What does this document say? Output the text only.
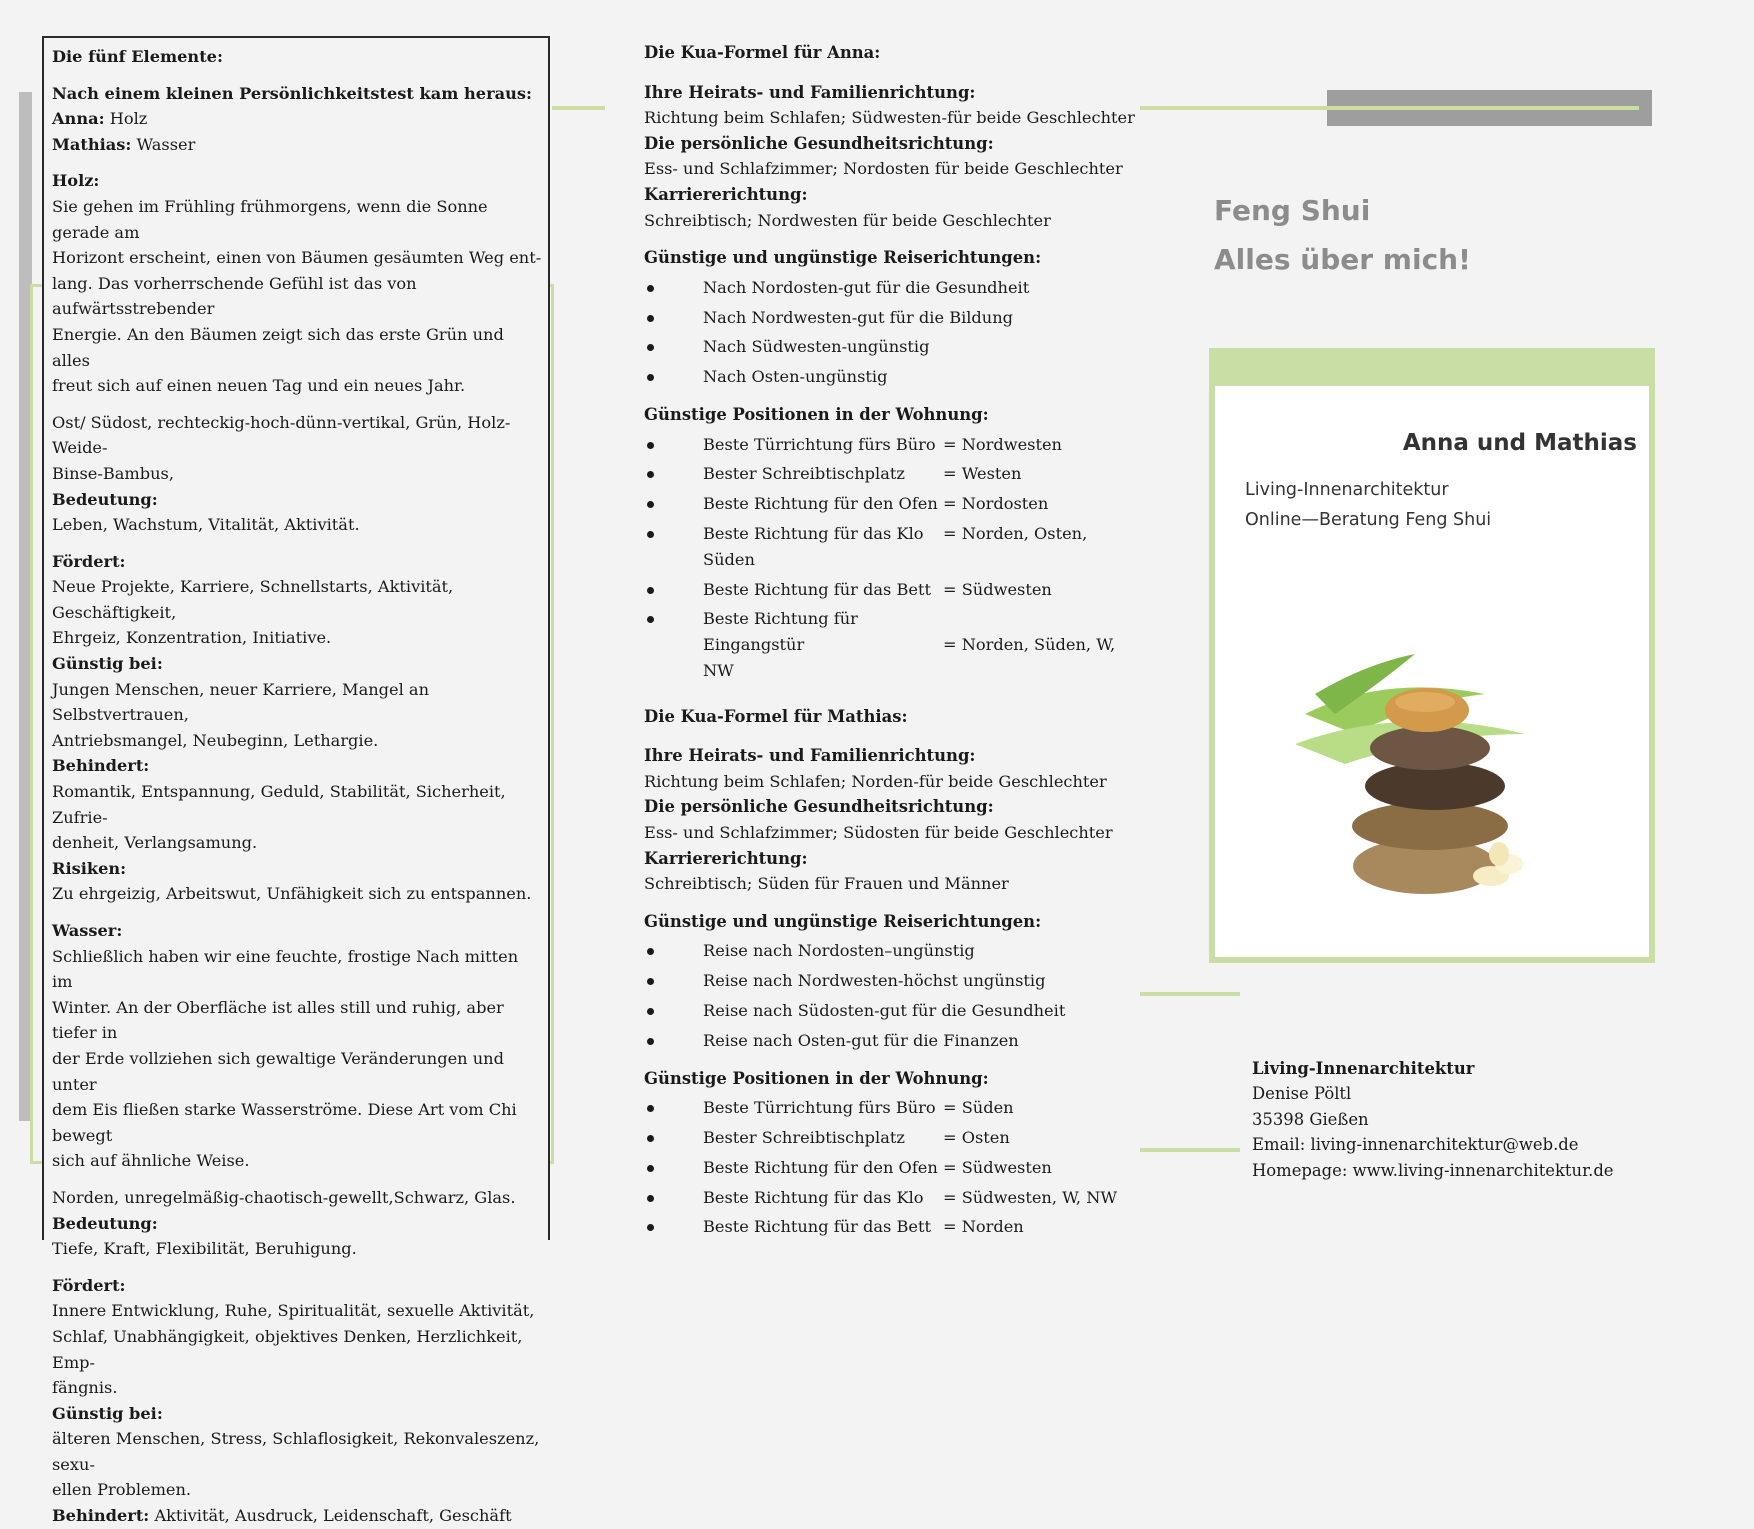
Die fünf Elemente:

Nach einem kleinen Persönlichkeitstest kam heraus:

Anna: Holz

Mathias: Wasser

Holz:

Sie gehen im Frühling frühmorgens, wenn die Sonne gerade am

Horizont erscheint, einen von Bäumen gesäumten Weg ent-

lang. Das vorherrschende Gefühl ist das von aufwärtsstrebender

Energie. An den Bäumen zeigt sich das erste Grün und alles

freut sich auf einen neuen Tag und ein neues Jahr.

Ost/ Südost, rechteckig-hoch-dünn-vertikal, Grün, Holz-Weide-

Binse-Bambus,

Bedeutung:

Leben, Wachstum, Vitalität, Aktivität.

Fördert:

Neue Projekte, Karriere, Schnellstarts, Aktivität, Geschäftigkeit,

Ehrgeiz, Konzentration, Initiative.

Günstig bei:

Jungen Menschen, neuer Karriere, Mangel an Selbstvertrauen,

Antriebsmangel, Neubeginn, Lethargie.

Behindert:

Romantik, Entspannung, Geduld, Stabilität, Sicherheit, Zufrie-

denheit, Verlangsamung.

Risiken:

Zu ehrgeizig, Arbeitswut, Unfähigkeit sich zu entspannen.

Wasser:

Schließlich haben wir eine feuchte, frostige Nach mitten im

Winter. An der Oberfläche ist alles still und ruhig, aber tiefer in

der Erde vollziehen sich gewaltige Veränderungen und unter

dem Eis fließen starke Wasserströme. Diese Art vom Chi bewegt

sich auf ähnliche Weise.

Norden, unregelmäßig-chaotisch-gewellt,Schwarz, Glas.

Bedeutung:

Tiefe, Kraft, Flexibilität, Beruhigung.

Fördert:

Innere Entwicklung, Ruhe, Spiritualität, sexuelle Aktivität,

Schlaf, Unabhängigkeit, objektives Denken, Herzlichkeit, Emp-

fängnis.

Günstig bei:

älteren Menschen, Stress, Schlaflosigkeit, Rekonvaleszenz, sexu-

ellen Problemen.

Behindert: Aktivität, Ausdruck, Leidenschaft, Geschäft

Die Kua-Formel für Anna:
Ihre Heirats- und Familienrichtung:

Richtung beim Schlafen; Südwesten-für beide Geschlechter

Die persönliche Gesundheitsrichtung:

Ess- und Schlafzimmer; Nordosten für beide Geschlechter

Karriererichtung:

Schreibtisch; Nordwesten für beide Geschlechter

Günstige und ungünstige Reiserichtungen:
Nach Nordosten-gut für die Gesundheit
Nach Nordwesten-gut für die Bildung
Nach Südwesten-ungünstig
Nach Osten-ungünstig
Günstige Positionen in der Wohnung:
Beste Türrichtung fürs Büro = Nordwesten
Bester Schreibtischplatz = Westen
Beste Richtung für den Ofen = Nordosten
Beste Richtung für das Klo = Norden, Osten, Süden
Beste Richtung für das Bett = Südwesten
Beste Richtung für Eingangstür	= Norden, Süden, W,
NW
Die Kua-Formel für Mathias:
Ihre Heirats- und Familienrichtung:

Richtung beim Schlafen; Norden-für beide Geschlechter

Die persönliche Gesundheitsrichtung:

Ess- und Schlafzimmer; Südosten für beide Geschlechter

Karriererichtung:

Schreibtisch; Süden für Frauen und Männer

Günstige und ungünstige Reiserichtungen:
Reise nach Nordosten–ungünstig
Reise nach Nordwesten-höchst ungünstig
Reise nach Südosten-gut für die Gesundheit
Reise nach Osten-gut für die Finanzen
Günstige Positionen in der Wohnung:
Beste Türrichtung fürs Büro = Süden
Bester Schreibtischplatz = Osten
Beste Richtung für den Ofen = Südwesten
Beste Richtung für das Klo = Südwesten, W, NW
Beste Richtung für das Bett = Norden
Feng Shui
Alles über mich!
Anna und Mathias
Living-Innenarchitektur
Online—Beratung Feng Shui

Living-Innenarchitektur

Denise Pöltl

35398 Gießen

Email: living-innenarchitektur@web.de

Homepage: www.living-innenarchitektur.de
